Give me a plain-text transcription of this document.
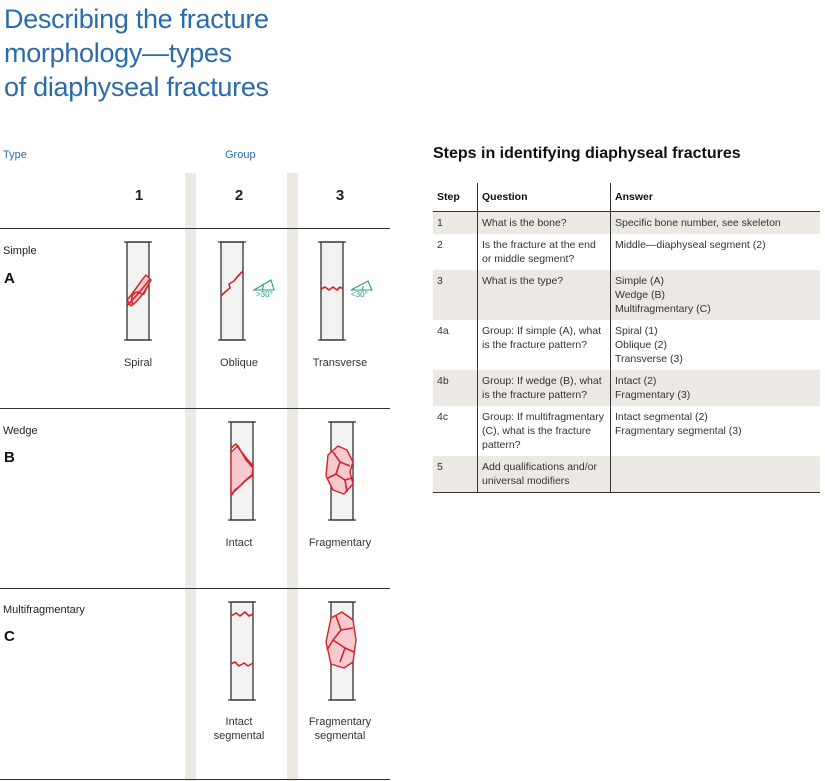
Describing the fracture
morphology—types
of diaphyseal fractures
Type	Group
1	2	3
Simple
A
Wedge
B
Multifragmentary
C
Spiral	Oblique	Transverse
>30°	<30°
Intact	Fragmentary
Intact
segmental
Fragmentary
segmental
Steps in identifying diaphyseal fractures
Step	Question	Answer
1	What is the bone?	Specific bone number, see skeleton
2	Is the fracture at the end or middle segment?	Middle—diaphyseal segment (2)
3	What is the type?	Simple (A)
Wedge (B)
Multifragmentary (C)
4a	Group: If simple (A), what is the fracture pattern?	Spiral (1)
Oblique (2)
Transverse (3)
4b	Group: If wedge (B), what is the fracture pattern?	Intact (2)
Fragmentary (3)
4c	Group: If multifragmentary (C), what is the fracture pattern?	Intact segmental (2)
Fragmentary segmental (3)
5	Add qualifications and/or universal modifiers	
